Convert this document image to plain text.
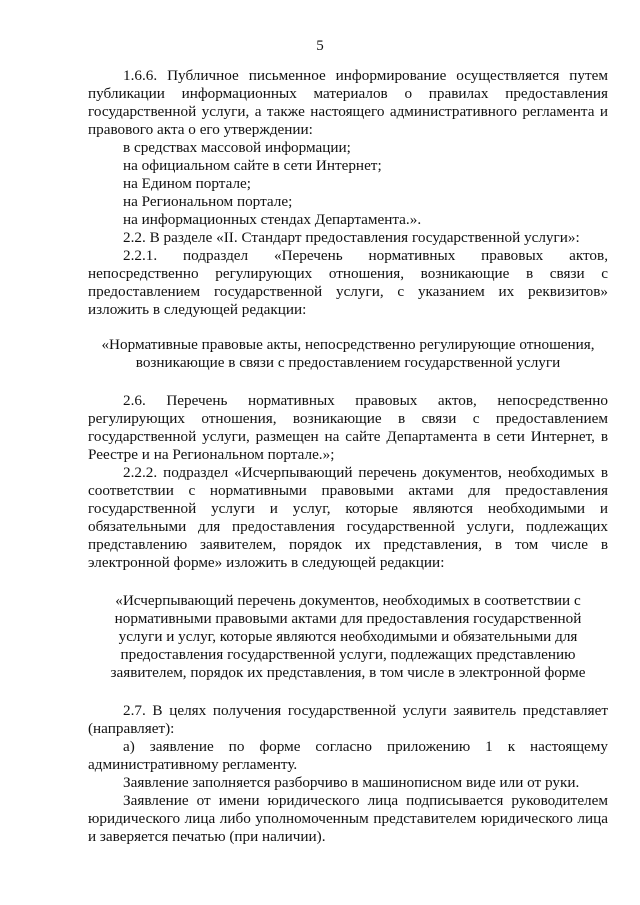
5

1.6.6. Публичное письменное информирование осуществляется путем публикации информационных материалов о правилах предоставления государственной услуги, а также настоящего административного регламента и правового акта о его утверждении:

в средствах массовой информации;

на официальном сайте в сети Интернет;

на Едином портале;

на Региональном портале;

на информационных стендах Департамента.».

2.2. В разделе «II. Стандарт предоставления государственной услуги»:

2.2.1. подраздел «Перечень нормативных правовых актов, непосредственно регулирующих отношения, возникающие в связи с предоставлением государственной услуги, с указанием их реквизитов» изложить в следующей редакции:

«Нормативные правовые акты, непосредственно регулирующие отношения,

возникающие в связи с предоставлением государственной услуги

2.6. Перечень нормативных правовых актов, непосредственно регулирующих отношения, возникающие в связи с предоставлением государственной услуги, размещен на сайте Департамента в сети Интернет, в Реестре и на Региональном портале.»;

2.2.2. подраздел «Исчерпывающий перечень документов, необходимых в соответствии с нормативными правовыми актами для предоставления государственной услуги и услуг, которые являются необходимыми и обязательными для предоставления государственной услуги, подлежащих представлению заявителем, порядок их представления, в том числе в электронной форме» изложить в следующей редакции:

«Исчерпывающий перечень документов, необходимых в соответствии с

нормативными правовыми актами для предоставления государственной

услуги и услуг, которые являются необходимыми и обязательными для

предоставления государственной услуги, подлежащих представлению

заявителем, порядок их представления, в том числе в электронной форме

2.7. В целях получения государственной услуги заявитель представляет (направляет):

а) заявление по форме согласно приложению 1 к настоящему административному регламенту.

Заявление заполняется разборчиво в машинописном виде или от руки.

Заявление от имени юридического лица подписывается руководителем юридического лица либо уполномоченным представителем юридического лица и заверяется печатью (при наличии).
